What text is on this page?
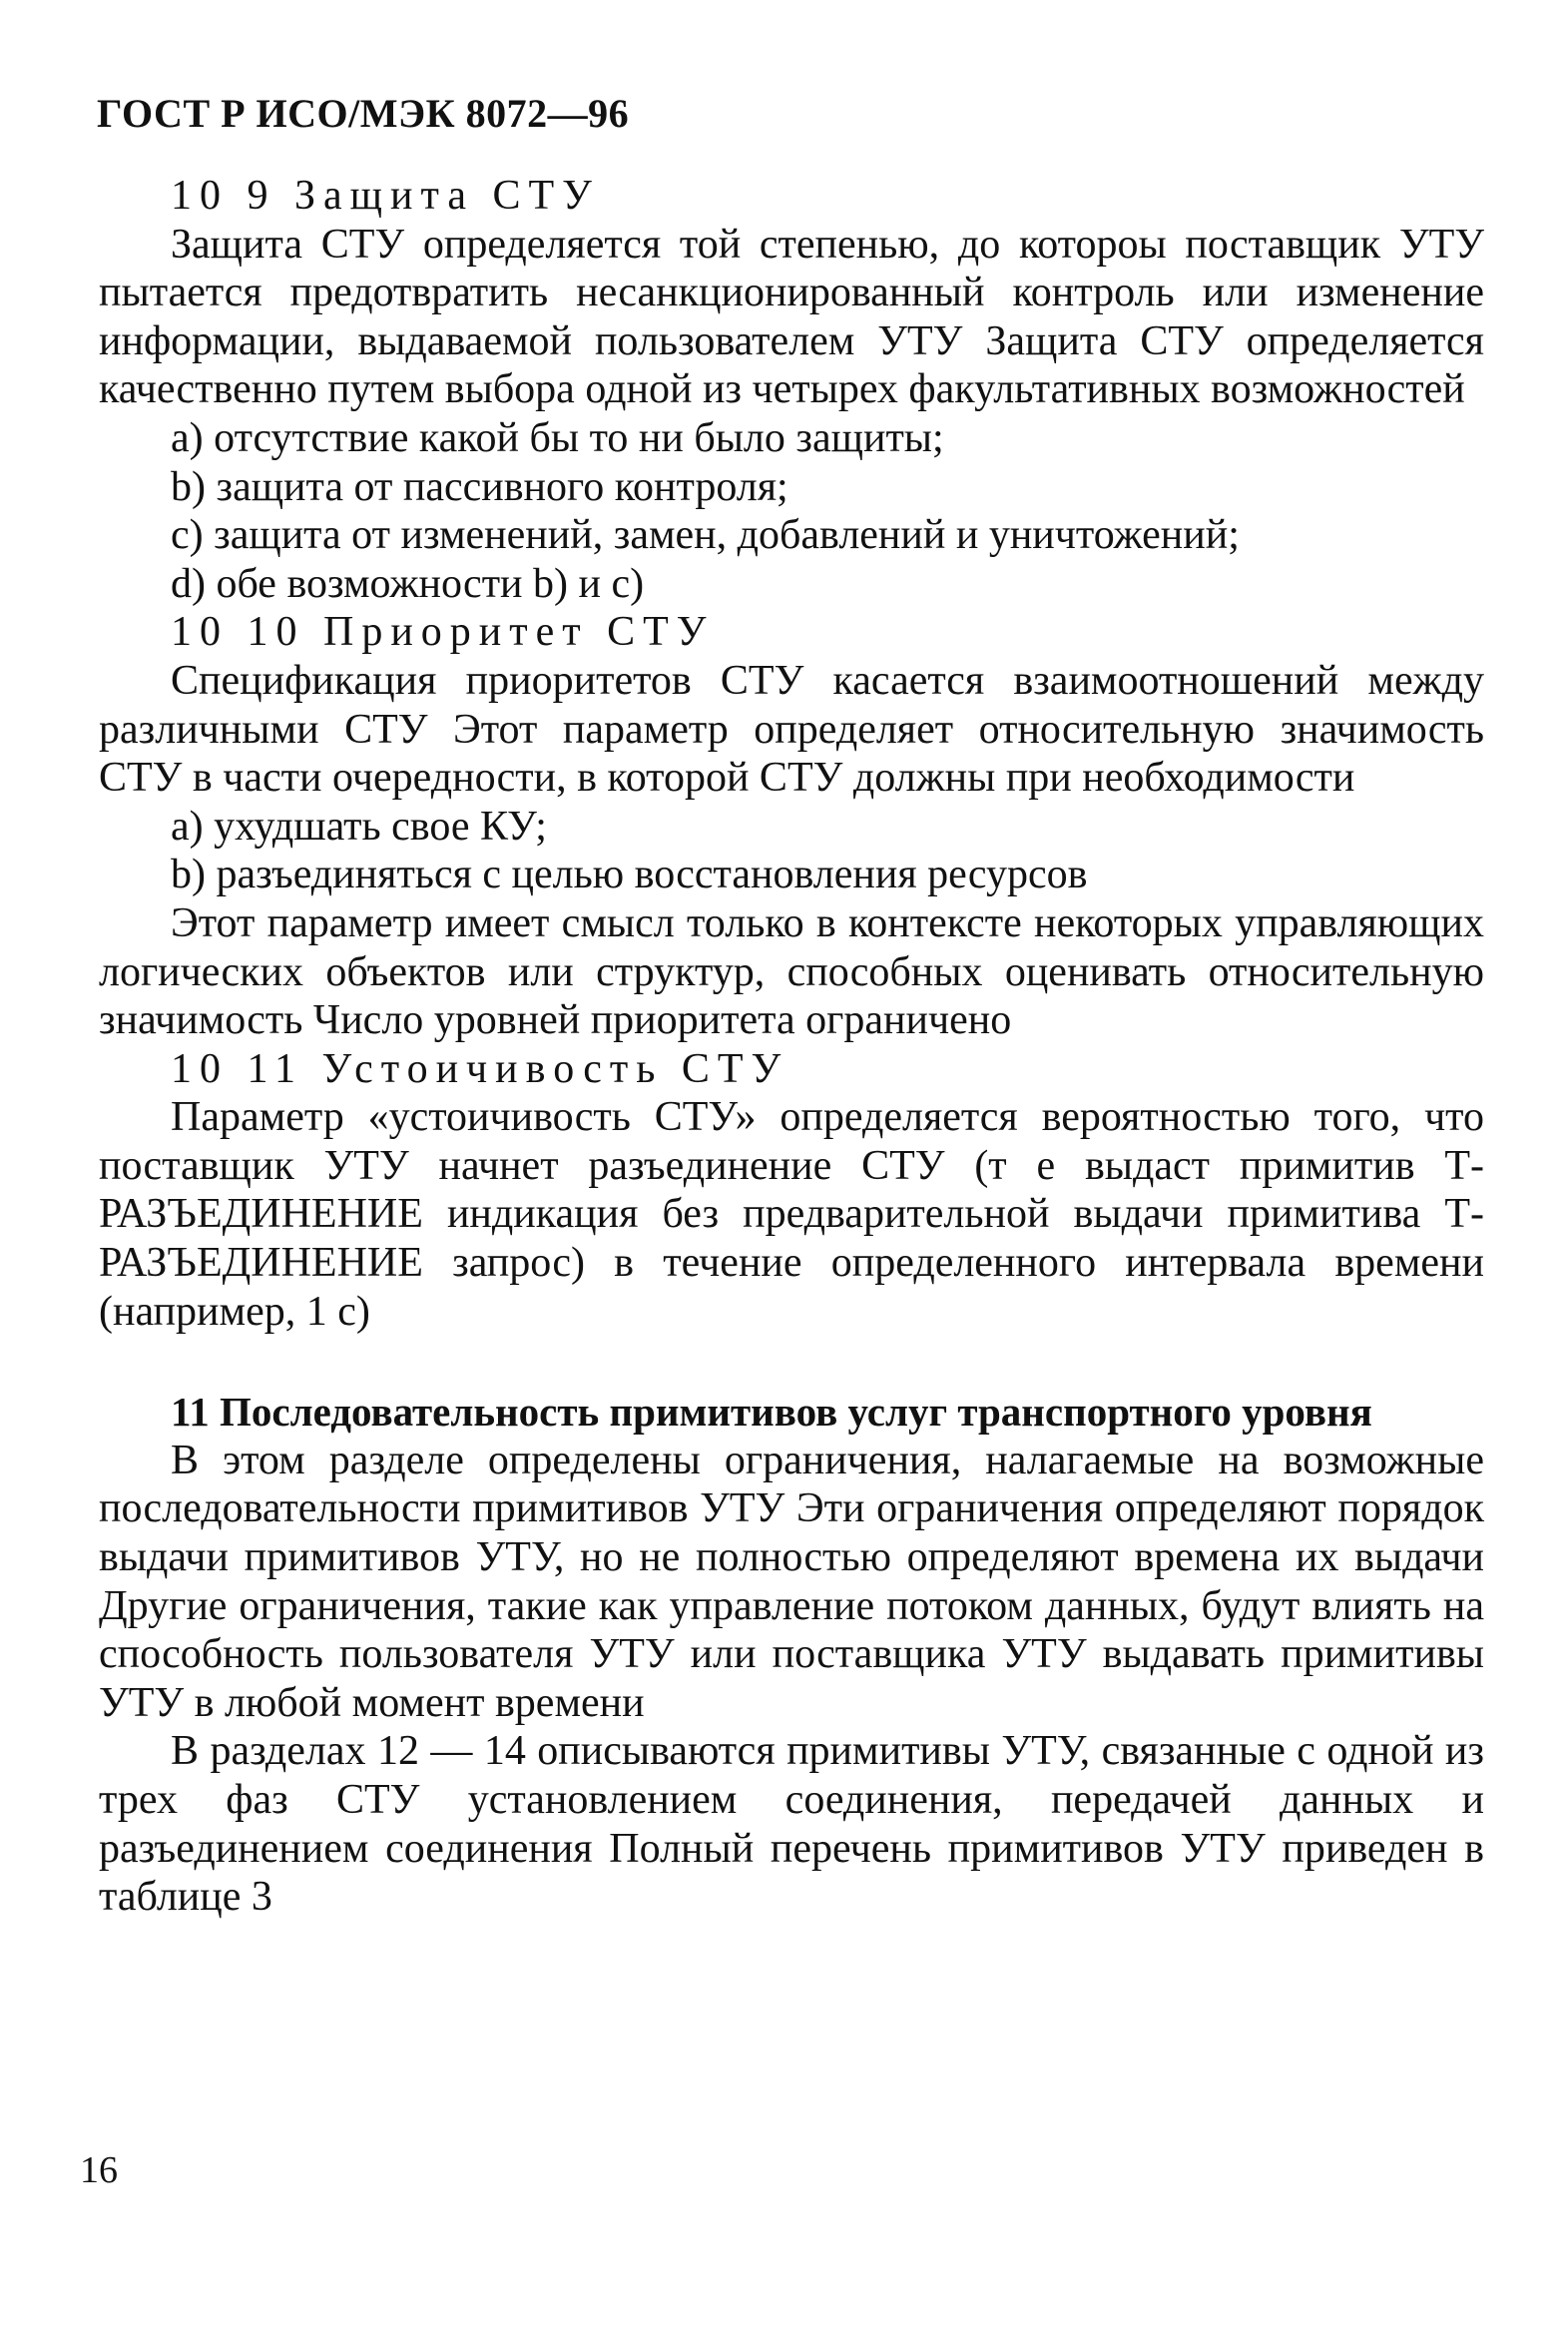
ГОСТ Р ИСО/МЭК 8072—96

10 9 Защита СТУ

Защита СТУ определяется той степенью, до котороы поставщик УТУ пытается предотвратить несанкционированный контроль или изменение информации, выдаваемой пользователем УТУ Защита СТУ определяется качественно путем выбора одной из четырех факультативных возможностей

а) отсутствие какой бы то ни было защиты;

b) защита от пассивного контроля;

c) защита от изменений, замен, добавлений и уничтожений;

d) обе возможности b) и c)

10 10 Приоритет СТУ

Спецификация приоритетов СТУ касается взаимоотношений между различными СТУ Этот параметр определяет относительную значимость СТУ в части очередности, в которой СТУ должны при необходимости

а) ухудшать свое КУ;

b) разъединяться с целью восстановления ресурсов

Этот параметр имеет смысл только в контексте некоторых управляющих логических объектов или структур, способных оценивать относительную значимость Число уровней приоритета ограничено

10 11 Устоичивость СТУ

Параметр «устоичивость СТУ» определяется вероятностью того, что поставщик УТУ начнет разъединение СТУ (т е выдаст примитив Т-РАЗЪЕДИНЕНИЕ индикация без предварительной выдачи примитива Т-РАЗЪЕДИНЕНИЕ запрос) в течение определенного интервала времени (например, 1 с)

11 Последовательность примитивов услуг транспортного уровня

В этом разделе определены ограничения, налагаемые на возможные последовательности примитивов УТУ Эти ограничения определяют порядок выдачи примитивов УТУ, но не полностью определяют времена их выдачи Другие ограничения, такие как управление потоком данных, будут влиять на способность пользователя УТУ или поставщика УТУ выдавать примитивы УТУ в любой момент времени

В разделах 12 — 14 описываются примитивы УТУ, связанные с одной из трех фаз СТУ установлением соединения, передачей данных и разъединением соединения Полный перечень примитивов УТУ приведен в таблице 3

16
